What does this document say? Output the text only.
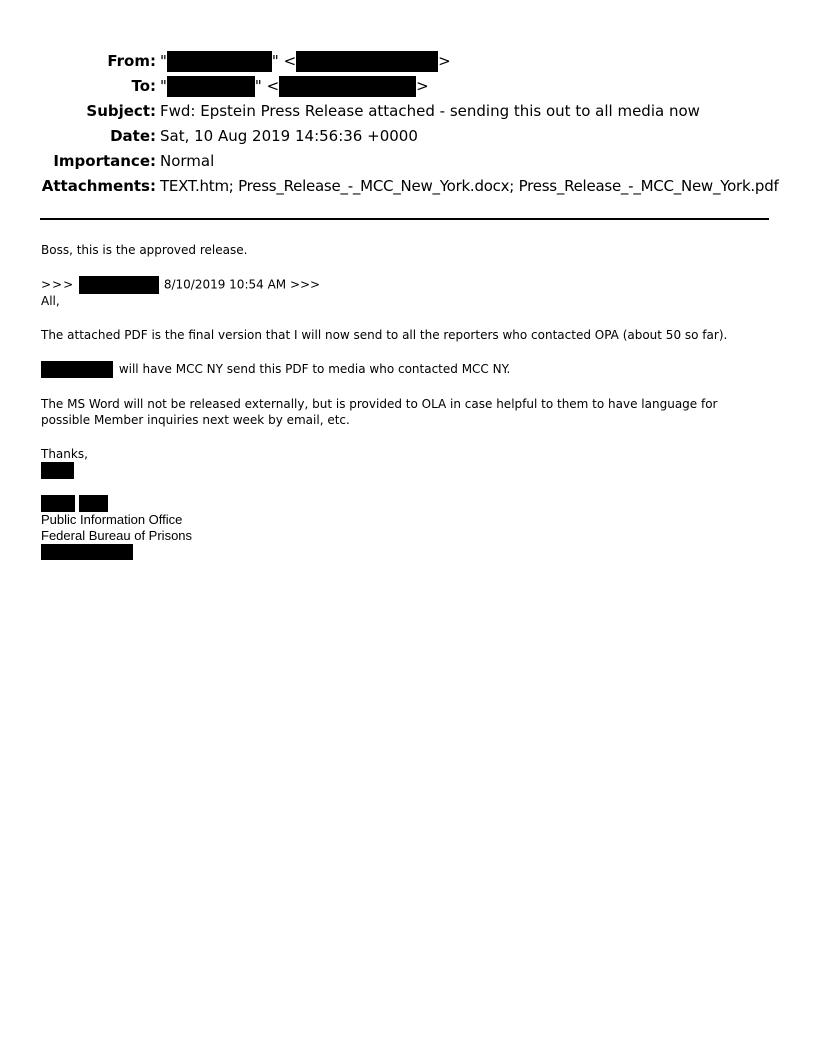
From: "	" <	>
To: "	" <	>
Subject: Fwd: Epstein Press Release attached - sending this out to all media now
Date: Sat, 10 Aug 2019 14:56:36 +0000
Importance: Normal
Attachments: TEXT.htm; Press_Release_-_MCC_New_York.docx; Press_Release_-_MCC_New_York.pdf
Boss, this is the approved release.
>>>	8/10/2019 10:54 AM >>>
All,
The attached PDF is the final version that I will now send to all the reporters who contacted OPA (about 50 so far).
will have MCC NY send this PDF to media who contacted MCC NY.
The MS Word will not be released externally, but is provided to OLA in case helpful to them to have language for
possible Member inquiries next week by email, etc.
Thanks,
Public Information Office
Federal Bureau of Prisons
